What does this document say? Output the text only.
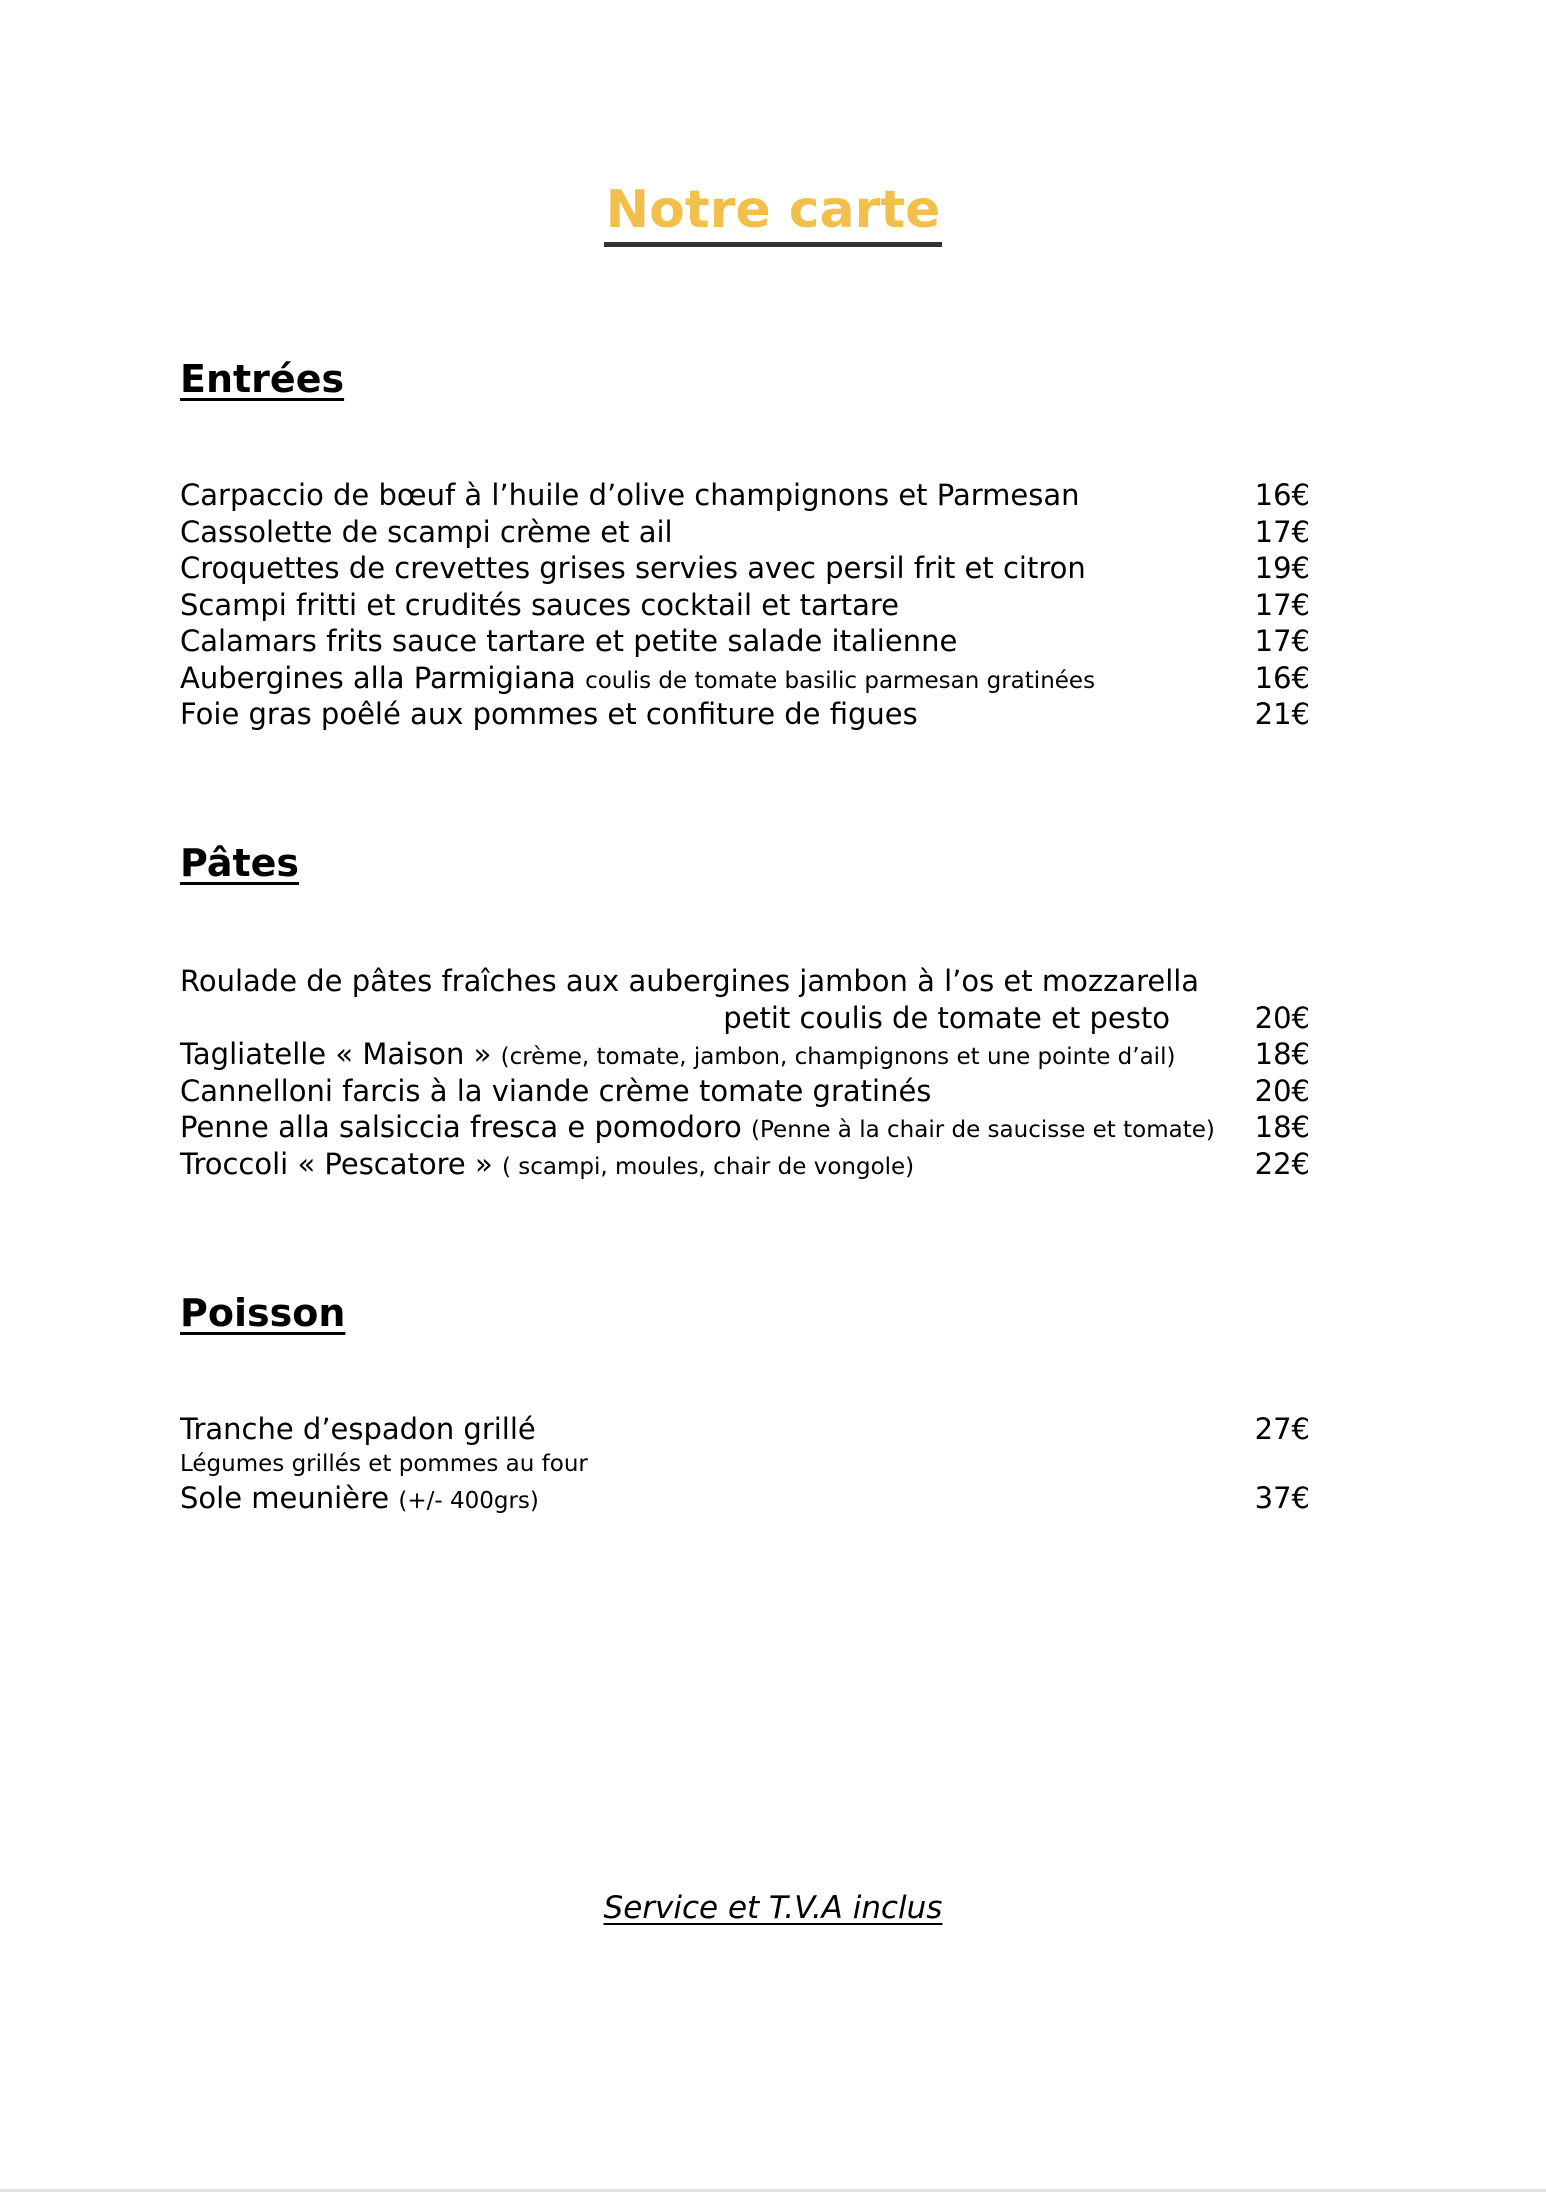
Notre carte
Entrées
Carpaccio de bœuf à l’huile d’olive champignons et Parmesan	16€
Cassolette de scampi crème et ail	17€
Croquettes de crevettes grises servies avec persil frit et citron	19€
Scampi fritti et crudités sauces cocktail et tartare	17€
Calamars frits sauce tartare et petite salade italienne	17€
Aubergines alla Parmigiana coulis de tomate basilic parmesan gratinées	16€
Foie gras poêlé aux pommes et confiture de figues	21€
Pâtes
Roulade de pâtes fraîches aux aubergines jambon à l’os et mozzarella
petit coulis de tomate et pesto	20€
Tagliatelle « Maison » (crème, tomate, jambon, champignons et une pointe d’ail)	18€
Cannelloni farcis à la viande crème tomate gratinés	20€
Penne alla salsiccia fresca e pomodoro (Penne à la chair de saucisse et tomate) 18€
Troccoli « Pescatore » ( scampi, moules, chair de vongole)	22€
Poisson
Tranche d’espadon grillé	27€
Légumes grillés et pommes au four
Sole meunière (+/- 400grs)	37€
Service et T.V.A inclus
